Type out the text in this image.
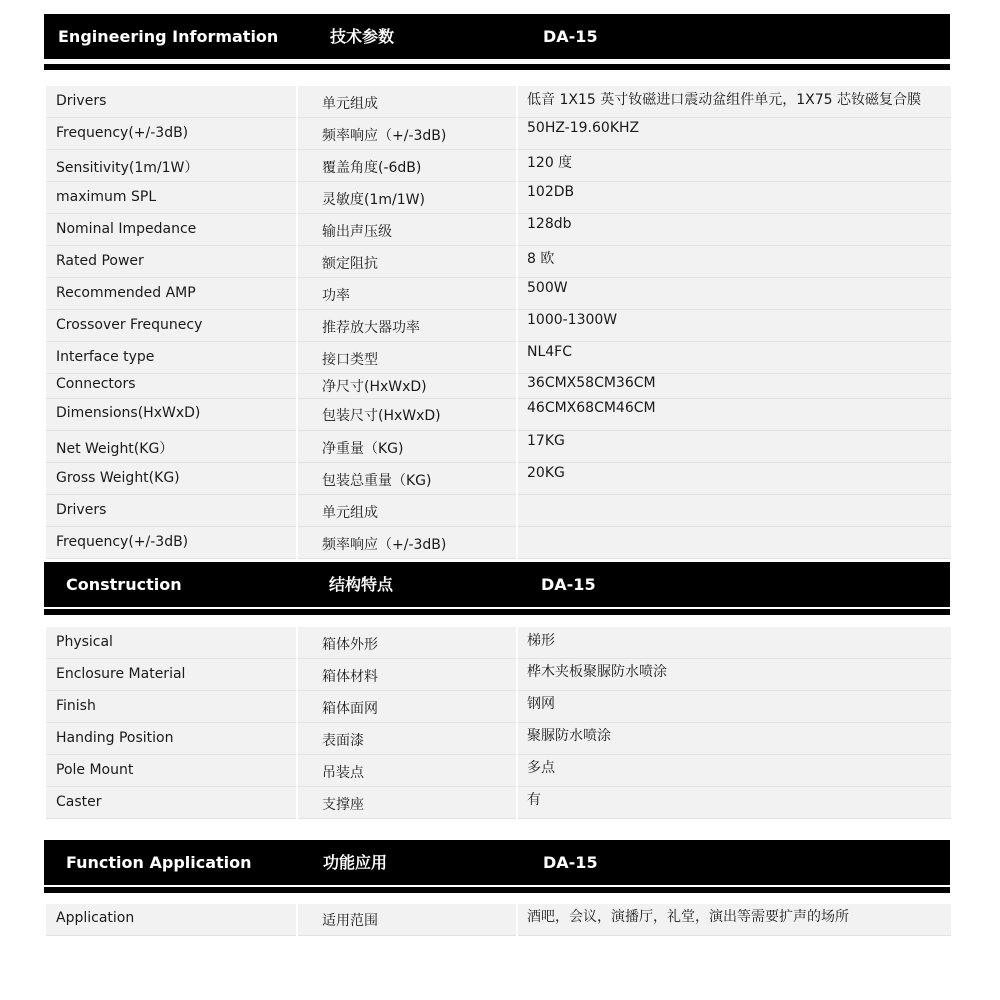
Engineering Information	技术参数	DA-15
Drivers	单元组成	低音 1X15 英寸钕磁进口震动盆组件单元，1X75 芯钕磁复合膜
Frequency(+/-3dB)	频率响应（+/-3dB)	50HZ-19.60KHZ
Sensitivity(1m/1W）	覆盖角度(-6dB)	120 度
maximum SPL	灵敏度(1m/1W)	102DB
Nominal Impedance	输出声压级	128db
Rated Power	额定阻抗	8 欧
Recommended AMP	功率	500W
Crossover Frequnecy	推荐放大器功率	1000-1300W
Interface type	接口类型	NL4FC
Connectors	净尺寸(HxWxD)	36CMX58CM36CM
Dimensions(HxWxD)	包装尺寸(HxWxD)	46CMX68CM46CM
Net Weight(KG）	净重量（KG)	17KG
Gross Weight(KG)	包装总重量（KG)	20KG
Drivers	单元组成
Frequency(+/-3dB)	频率响应（+/-3dB)
Construction	结构特点	DA-15
Physical	箱体外形	梯形
Enclosure Material	箱体材料	桦木夹板聚脲防水喷涂
Finish	箱体面网	钢网
Handing Position	表面漆	聚脲防水喷涂
Pole Mount	吊装点	多点
Caster	支撑座	有
Function Application	功能应用	DA-15
Application	适用范围	酒吧，会议，演播厅，礼堂，演出等需要扩声的场所
